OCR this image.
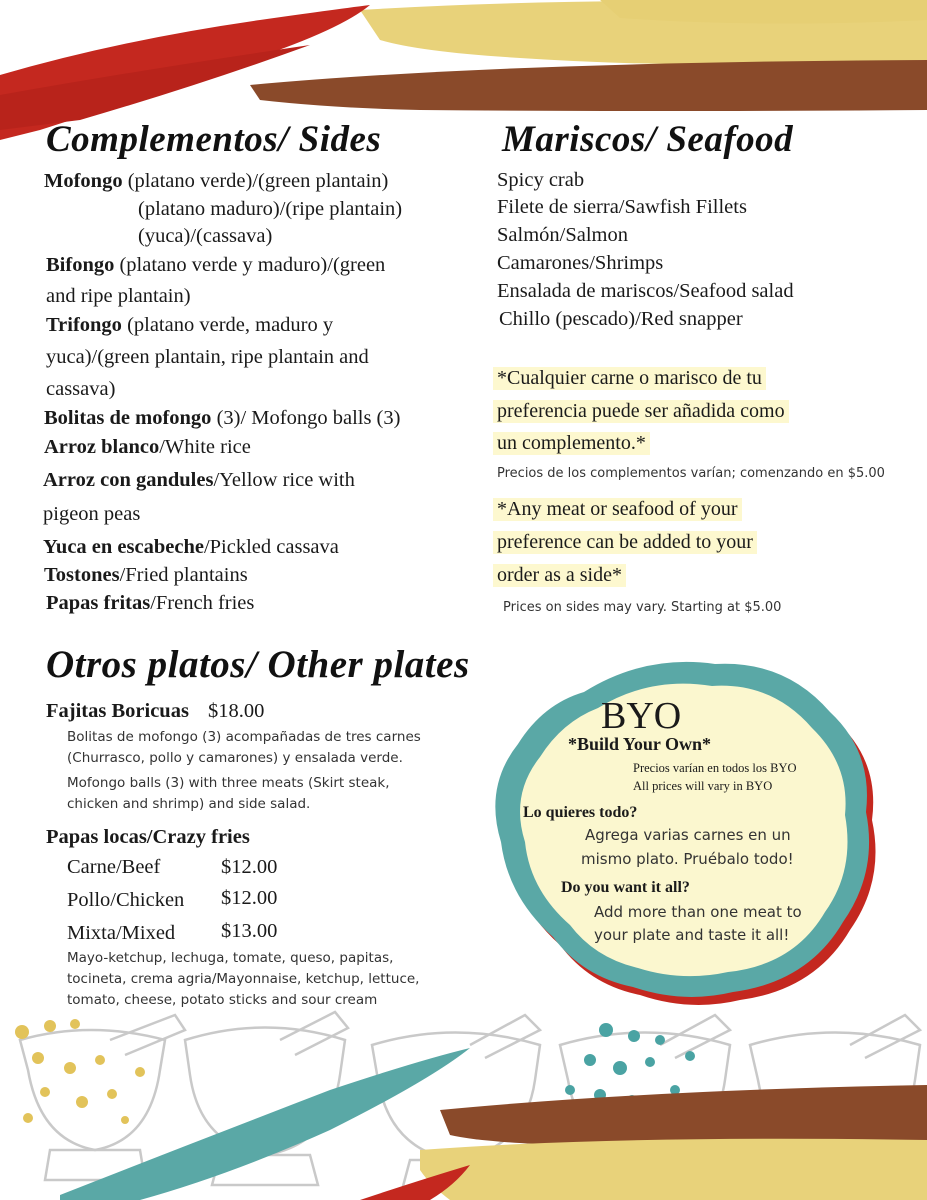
Complementos/ Sides
Mofongo (platano verde)/(green plantain)
(platano maduro)/(ripe plantain)
(yuca)/(cassava)
Bifongo (platano verde y maduro)/(green
and ripe plantain)
Trifongo (platano verde, maduro y
yuca)/(green plantain, ripe plantain and
cassava)
Bolitas de mofongo (3)/ Mofongo balls (3)
Arroz blanco/White rice
Arroz con gandules/Yellow rice with
pigeon peas
Yuca en escabeche/Pickled cassava
Tostones/Fried plantains
Papas fritas/French fries
Mariscos/ Seafood
Spicy crab
Filete de sierra/Sawfish Fillets
Salmón/Salmon
Camarones/Shrimps
Ensalada de mariscos/Seafood salad
Chillo (pescado)/Red snapper
*Cualquier carne o marisco de tu
preferencia puede ser añadida como
un complemento.*
Precios de los complementos varían; comenzando en $5.00
*Any meat or seafood of your
preference can be added to your
order as a side*
Prices on sides may vary. Starting at $5.00
Otros platos/ Other plates
Fajitas Boricuas $18.00
Bolitas de mofongo (3) acompañadas de tres carnes
(Churrasco, pollo y camarones) y ensalada verde.
Mofongo balls (3) with three meats (Skirt steak,
chicken and shrimp) and side salad.
Papas locas/Crazy fries
Carne/Beef	$12.00
Pollo/Chicken $12.00
Mixta/Mixed $13.00
Mayo-ketchup, lechuga, tomate, queso, papitas,
tocineta, crema agria/Mayonnaise, ketchup, lettuce,
tomato, cheese, potato sticks and sour cream
BYO
*Build Your Own*
Precios varían en todos los BYO
All prices will vary in BYO
Lo quieres todo?
Agrega varias carnes en un
mismo plato. Pruébalo todo!
Do you want it all?
Add more than one meat to
your plate and taste it all!
